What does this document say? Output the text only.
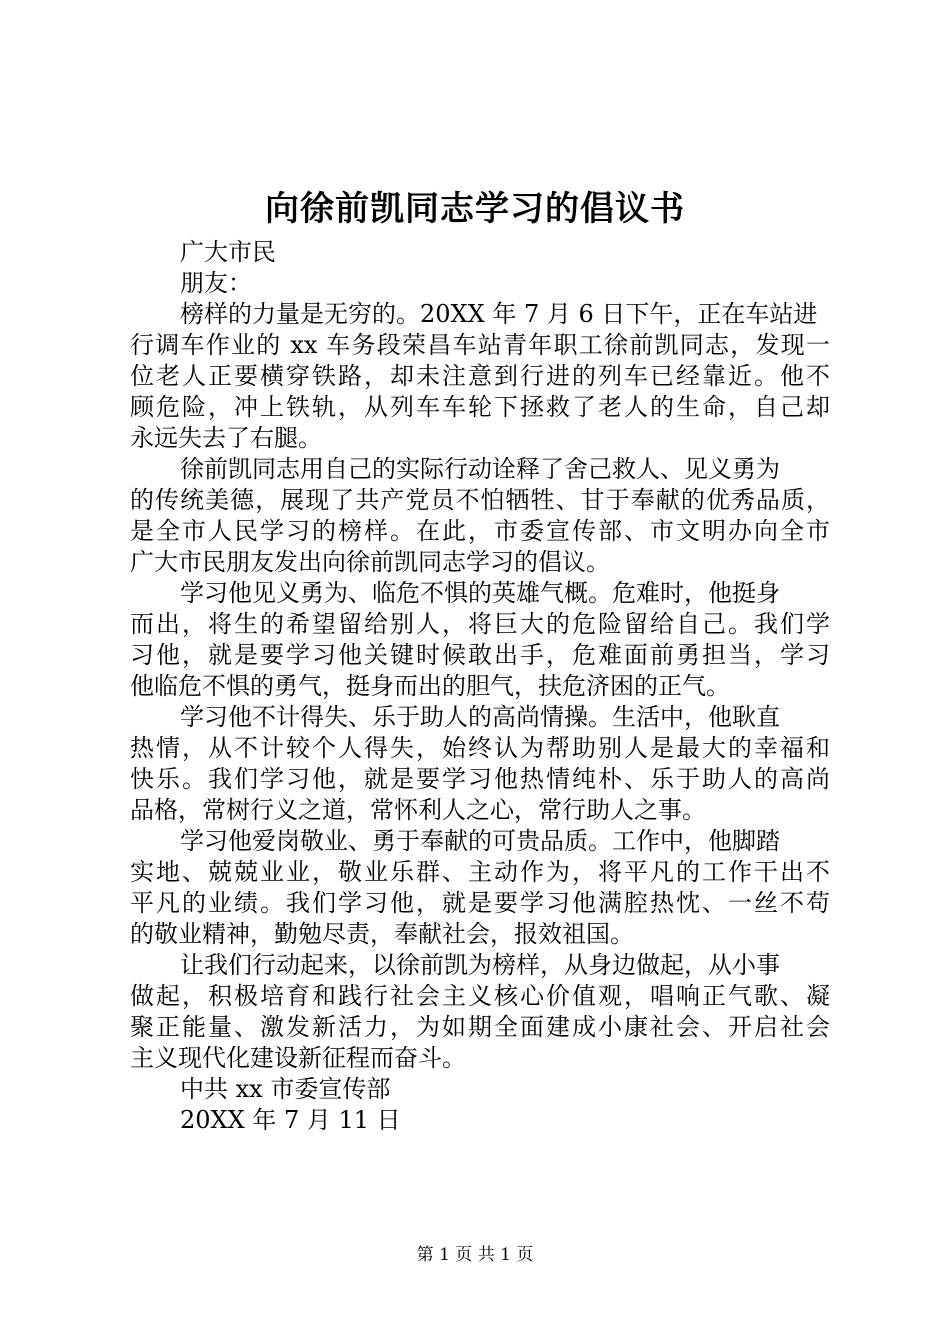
向徐前凯同志学习的倡议书

广大市民

朋友：

榜样的力量是无穷的。20XX 年 7 月 6 日下午，正在车站进

行调车作业的 xx 车务段荣昌车站青年职工徐前凯同志，发现一

位老人正要横穿铁路，却未注意到行进的列车已经靠近。他不

顾危险，冲上铁轨，从列车车轮下拯救了老人的生命，自己却

永远失去了右腿。

徐前凯同志用自己的实际行动诠释了舍己救人、见义勇为

的传统美德，展现了共产党员不怕牺牲、甘于奉献的优秀品质，

是全市人民学习的榜样。在此，市委宣传部、市文明办向全市

广大市民朋友发出向徐前凯同志学习的倡议。

学习他见义勇为、临危不惧的英雄气概。危难时，他挺身

而出，将生的希望留给别人，将巨大的危险留给自己。我们学

习他，就是要学习他关键时候敢出手，危难面前勇担当，学习

他临危不惧的勇气，挺身而出的胆气，扶危济困的正气。

学习他不计得失、乐于助人的高尚情操。生活中，他耿直

热情，从不计较个人得失，始终认为帮助别人是最大的幸福和

快乐。我们学习他，就是要学习他热情纯朴、乐于助人的高尚

品格，常树行义之道，常怀利人之心，常行助人之事。

学习他爱岗敬业、勇于奉献的可贵品质。工作中，他脚踏

实地、兢兢业业，敬业乐群、主动作为，将平凡的工作干出不

平凡的业绩。我们学习他，就是要学习他满腔热忱、一丝不苟

的敬业精神，勤勉尽责，奉献社会，报效祖国。

让我们行动起来，以徐前凯为榜样，从身边做起，从小事

做起，积极培育和践行社会主义核心价值观，唱响正气歌、凝

聚正能量、激发新活力，为如期全面建成小康社会、开启社会

主义现代化建设新征程而奋斗。

中共 xx 市委宣传部

20XX 年 7 月 11 日

第 1 页 共 1 页
